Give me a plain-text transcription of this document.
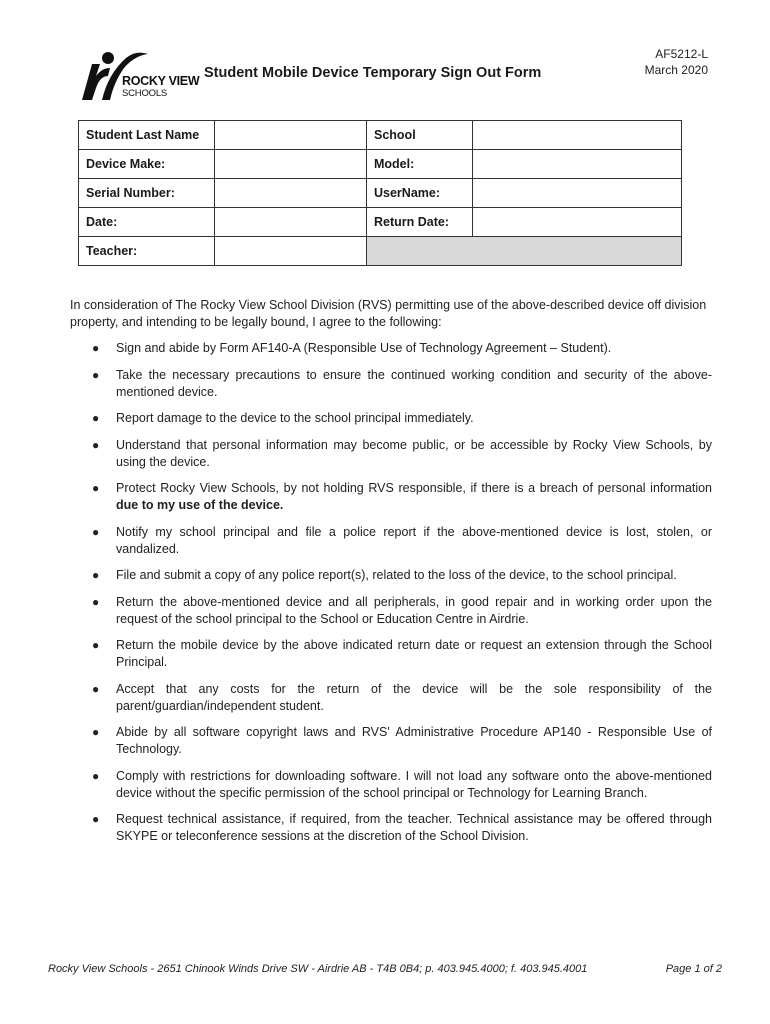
ROCKY VIEW
SCHOOLS
Student Mobile Device Temporary Sign Out Form
AF5212-L
March 2020
Student Last Name		School	
Device Make:		Model:	
Serial Number:		UserName:	
Date:		Return Date:	
Teacher:			
In consideration of The Rocky View School Division (RVS) permitting use of the above-described device off division property, and intending to be legally bound, I agree to the following:
● Sign and abide by Form AF140-A (Responsible Use of Technology Agreement – Student).
● Take the necessary precautions to ensure the continued working condition and security of the above-mentioned device.
● Report damage to the device to the school principal immediately.
● Understand that personal information may become public, or be accessible by Rocky View Schools, by using the device.
● Protect Rocky View Schools, by not holding RVS responsible, if there is a breach of personal information due to my use of the device.
● Notify my school principal and file a police report if the above-mentioned device is lost, stolen, or vandalized.
● File and submit a copy of any police report(s), related to the loss of the device, to the school principal.
● Return the above-mentioned device and all peripherals, in good repair and in working order upon the request of the school principal to the School or Education Centre in Airdrie.
● Return the mobile device by the above indicated return date or request an extension through the School Principal.
● Accept that any costs for the return of the device will be the sole responsibility of the parent/guardian/independent student.
● Abide by all software copyright laws and RVS' Administrative Procedure AP140 - Responsible Use of Technology.
● Comply with restrictions for downloading software. I will not load any software onto the above-mentioned device without the specific permission of the school principal or Technology for Learning Branch.
● Request technical assistance, if required, from the teacher. Technical assistance may be offered through SKYPE or teleconference sessions at the discretion of the School Division.
Rocky View Schools - 2651 Chinook Winds Drive SW - Airdrie AB - T4B 0B4; p. 403.945.4000; f. 403.945.4001	Page 1 of 2
